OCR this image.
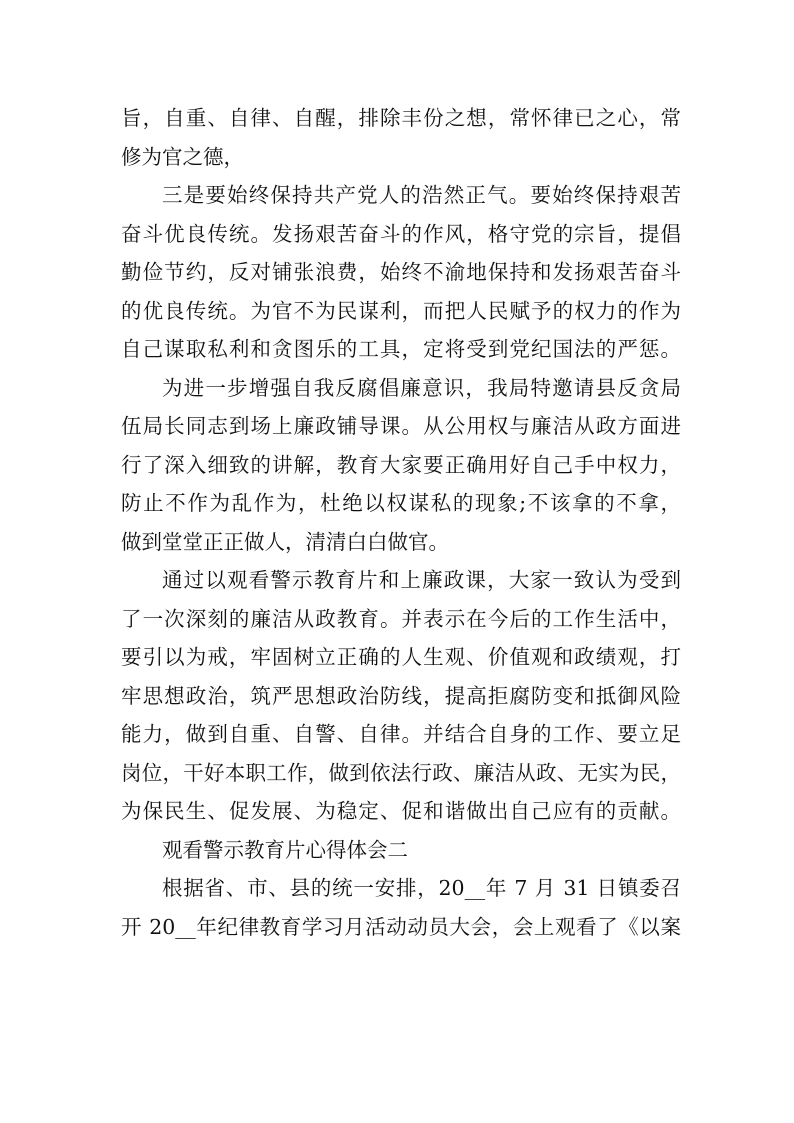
旨，自重、自律、自醒，排除丰份之想，常怀律已之心，常
修为官之德，
三是要始终保持共产党人的浩然正气。要始终保持艰苦
奋斗优良传统。发扬艰苦奋斗的作风，格守党的宗旨，提倡
勤俭节约，反对铺张浪费，始终不渝地保持和发扬艰苦奋斗
的优良传统。为官不为民谋利，而把人民赋予的权力的作为
自己谋取私利和贪图乐的工具，定将受到党纪国法的严惩。
为进一步增强自我反腐倡廉意识，我局特邀请县反贪局
伍局长同志到场上廉政铺导课。从公用权与廉洁从政方面进
行了深入细致的讲解，教育大家要正确用好自己手中权力，
防止不作为乱作为，杜绝以权谋私的现象;不该拿的不拿，
做到堂堂正正做人，清清白白做官。
通过以观看警示教育片和上廉政课，大家一致认为受到
了一次深刻的廉洁从政教育。并表示在今后的工作生活中，
要引以为戒，牢固树立正确的人生观、价值观和政绩观，打
牢思想政治，筑严思想政治防线，提高拒腐防变和抵御风险
能力，做到自重、自警、自律。并结合自身的工作、要立足
岗位，干好本职工作，做到依法行政、廉洁从政、无实为民，
为保民生、促发展、为稳定、促和谐做出自己应有的贡献。
观看警示教育片心得体会二
根据省、市、县的统一安排，20__年 7 月 31 日镇委召
开 20__年纪律教育学习月活动动员大会，会上观看了《以案
